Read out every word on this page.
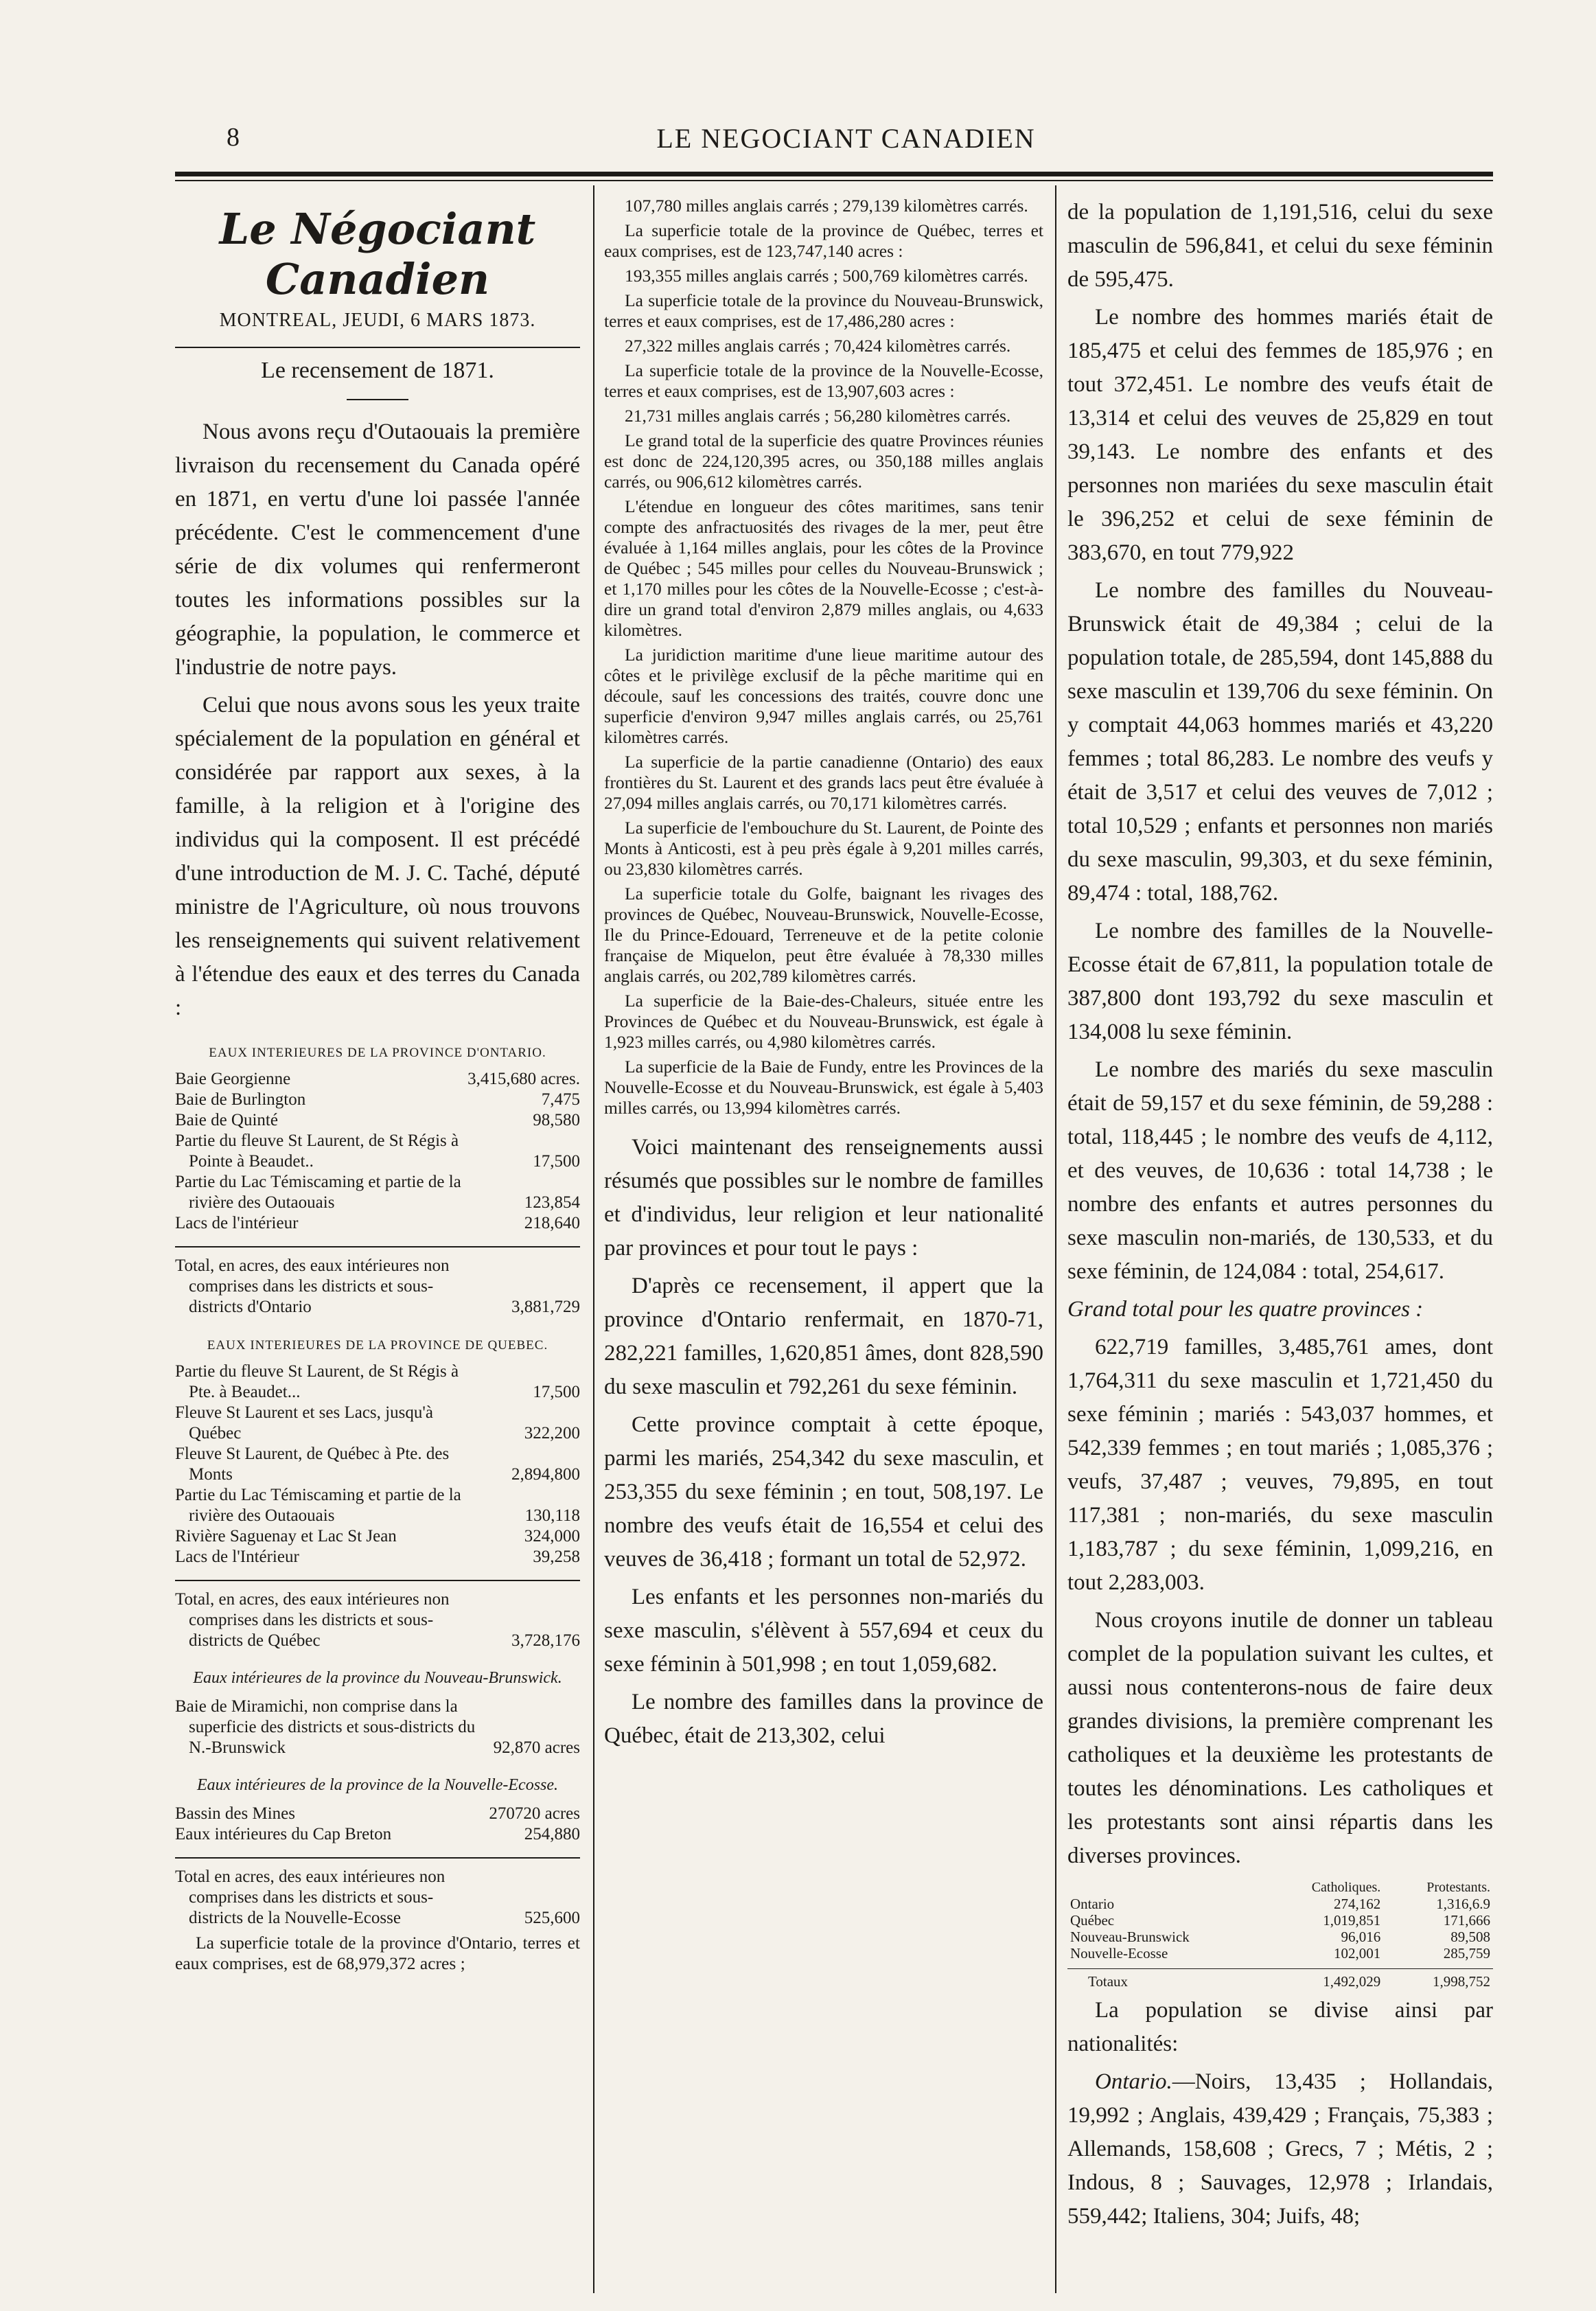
8	LE NEGOCIANT CANADIEN
Le Négociant Canadien
MONTREAL, JEUDI, 6 MARS 1873.
Le recensement de 1871.

Nous avons reçu d'Outaouais la première livraison du recensement du Canada opéré en 1871, en vertu d'une loi passée l'année précédente. C'est le commencement d'une série de dix volumes qui renfermeront toutes les informations possibles sur la géographie, la population, le commerce et l'industrie de notre pays.

Celui que nous avons sous les yeux traite spécialement de la population en général et considérée par rapport aux sexes, à la famille, à la religion et à l'origine des individus qui la composent. Il est précédé d'une introduction de M. J. C. Taché, député ministre de l'Agriculture, où nous trouvons les renseignements qui suivent relativement à l'étendue des eaux et des terres du Canada :

EAUX INTERIEURES DE LA PROVINCE D'ONTARIO.
Baie Georgienne	3,415,680 acres.
Baie de Burlington	7,475
Baie de Quinté	98,580
Partie du fleuve St Laurent, de St Régis à Pointe à Beaudet..	17,500
Partie du Lac Témiscaming et partie de la rivière des Outaouais	123,854
Lacs de l'intérieur	218,640
Total, en acres, des eaux intérieures non comprises dans les districts et sous-districts d'Ontario	3,881,729
EAUX INTERIEURES DE LA PROVINCE DE QUEBEC.
Partie du fleuve St Laurent, de St Régis à Pte. à Beaudet...	17,500
Fleuve St Laurent et ses Lacs, jusqu'à Québec	322,200
Fleuve St Laurent, de Québec à Pte. des Monts	2,894,800
Partie du Lac Témiscaming et partie de la rivière des Outaouais	130,118
Rivière Saguenay et Lac St Jean	324,000
Lacs de l'Intérieur	39,258
Total, en acres, des eaux intérieures non comprises dans les districts et sous-districts de Québec	3,728,176
Eaux intérieures de la province du Nouveau-Brunswick.
Baie de Miramichi, non comprise dans la superficie des districts et sous-districts du N.-Brunswick	92,870 acres
Eaux intérieures de la province de la Nouvelle-Ecosse.
Bassin des Mines	270720 acres
Eaux intérieures du Cap Breton	254,880
Total en acres, des eaux intérieures non comprises dans les districts et sous-districts de la Nouvelle-Ecosse	525,600

La superficie totale de la province d'Ontario, terres et eaux comprises, est de 68,979,372 acres ;

107,780 milles anglais carrés ; 279,139 kilomètres carrés.

La superficie totale de la province de Québec, terres et eaux comprises, est de 123,747,140 acres :

193,355 milles anglais carrés ; 500,769 kilomètres carrés.

La superficie totale de la province du Nouveau-Brunswick, terres et eaux comprises, est de 17,486,280 acres :

27,322 milles anglais carrés ; 70,424 kilomètres carrés.

La superficie totale de la province de la Nouvelle-Ecosse, terres et eaux comprises, est de 13,907,603 acres :

21,731 milles anglais carrés ; 56,280 kilomètres carrés.

Le grand total de la superficie des quatre Provinces réunies est donc de 224,120,395 acres, ou 350,188 milles anglais carrés, ou 906,612 kilomètres carrés.

L'étendue en longueur des côtes maritimes, sans tenir compte des anfractuosités des rivages de la mer, peut être évaluée à 1,164 milles anglais, pour les côtes de la Province de Québec ; 545 milles pour celles du Nouveau-Brunswick ; et 1,170 milles pour les côtes de la Nouvelle-Ecosse ; c'est-à-dire un grand total d'environ 2,879 milles anglais, ou 4,633 kilomètres.

La juridiction maritime d'une lieue maritime autour des côtes et le privilège exclusif de la pêche maritime qui en découle, sauf les concessions des traités, couvre donc une superficie d'environ 9,947 milles anglais carrés, ou 25,761 kilomètres carrés.

La superficie de la partie canadienne (Ontario) des eaux frontières du St. Laurent et des grands lacs peut être évaluée à 27,094 milles anglais carrés, ou 70,171 kilomètres carrés.

La superficie de l'embouchure du St. Laurent, de Pointe des Monts à Anticosti, est à peu près égale à 9,201 milles carrés, ou 23,830 kilomètres carrés.

La superficie totale du Golfe, baignant les rivages des provinces de Québec, Nouveau-Brunswick, Nouvelle-Ecosse, Ile du Prince-Edouard, Terreneuve et de la petite colonie française de Miquelon, peut être évaluée à 78,330 milles anglais carrés, ou 202,789 kilomètres carrés.

La superficie de la Baie-des-Chaleurs, située entre les Provinces de Québec et du Nouveau-Brunswick, est égale à 1,923 milles carrés, ou 4,980 kilomètres carrés.

La superficie de la Baie de Fundy, entre les Provinces de la Nouvelle-Ecosse et du Nouveau-Brunswick, est égale à 5,403 milles carrés, ou 13,994 kilomètres carrés.

Voici maintenant des renseignements aussi résumés que possibles sur le nombre de familles et d'individus, leur religion et leur nationalité par provinces et pour tout le pays :

D'après ce recensement, il appert que la province d'Ontario renfermait, en 1870-71, 282,221 familles, 1,620,851 âmes, dont 828,590 du sexe masculin et 792,261 du sexe féminin.

Cette province comptait à cette époque, parmi les mariés, 254,342 du sexe masculin, et 253,355 du sexe féminin ; en tout, 508,197. Le nombre des veufs était de 16,554 et celui des veuves de 36,418 ; formant un total de 52,972.

Les enfants et les personnes non-mariés du sexe masculin, s'élèvent à 557,694 et ceux du sexe féminin à 501,998 ; en tout 1,059,682.

Le nombre des familles dans la province de Québec, était de 213,302, celui

de la population de 1,191,516, celui du sexe masculin de 596,841, et celui du sexe féminin de 595,475.

Le nombre des hommes mariés était de 185,475 et celui des femmes de 185,976 ; en tout 372,451. Le nombre des veufs était de 13,314 et celui des veuves de 25,829 en tout 39,143. Le nombre des enfants et des personnes non mariées du sexe masculin était le 396,252 et celui de sexe féminin de 383,670, en tout 779,922

Le nombre des familles du Nouveau-Brunswick était de 49,384 ; celui de la population totale, de 285,594, dont 145,888 du sexe masculin et 139,706 du sexe féminin. On y comptait 44,063 hommes mariés et 43,220 femmes ; total 86,283. Le nombre des veufs y était de 3,517 et celui des veuves de 7,012 ; total 10,529 ; enfants et personnes non mariés du sexe masculin, 99,303, et du sexe féminin, 89,474 : total, 188,762.

Le nombre des familles de la Nouvelle-Ecosse était de 67,811, la population totale de 387,800 dont 193,792 du sexe masculin et 134,008 lu sexe féminin.

Le nombre des mariés du sexe masculin était de 59,157 et du sexe féminin, de 59,288 : total, 118,445 ; le nombre des veufs de 4,112, et des veuves, de 10,636 : total 14,738 ; le nombre des enfants et autres personnes du sexe masculin non-mariés, de 130,533, et du sexe féminin, de 124,084 : total, 254,617.

Grand total pour les quatre provinces :

622,719 familles, 3,485,761 ames, dont 1,764,311 du sexe masculin et 1,721,450 du sexe féminin ; mariés : 543,037 hommes, et 542,339 femmes ; en tout mariés ; 1,085,376 ; veufs, 37,487 ; veuves, 79,895, en tout 117,381 ; non-mariés, du sexe masculin 1,183,787 ; du sexe féminin, 1,099,216, en tout 2,283,003.

Nous croyons inutile de donner un tableau complet de la population suivant les cultes, et aussi nous contenterons-nous de faire deux grandes divisions, la première comprenant les catholiques et la deuxième les protestants de toutes les dénominations. Les catholiques et les protestants sont ainsi répartis dans les diverses provinces.

	Catholiques.	Protestants.
Ontario	274,162	1,316,6.9
Québec	1,019,851	171,666
Nouveau-Brunswick	96,016	89,508
Nouvelle-Ecosse	102,001	285,759

Totaux	1,492,029	1,998,752

La population se divise ainsi par nationalités:

Ontario.—Noirs, 13,435 ; Hollandais, 19,992 ; Anglais, 439,429 ; Français, 75,383 ; Allemands, 158,608 ; Grecs, 7 ; Métis, 2 ; Indous, 8 ; Sauvages, 12,978 ; Irlandais, 559,442; Italiens, 304; Juifs, 48;
